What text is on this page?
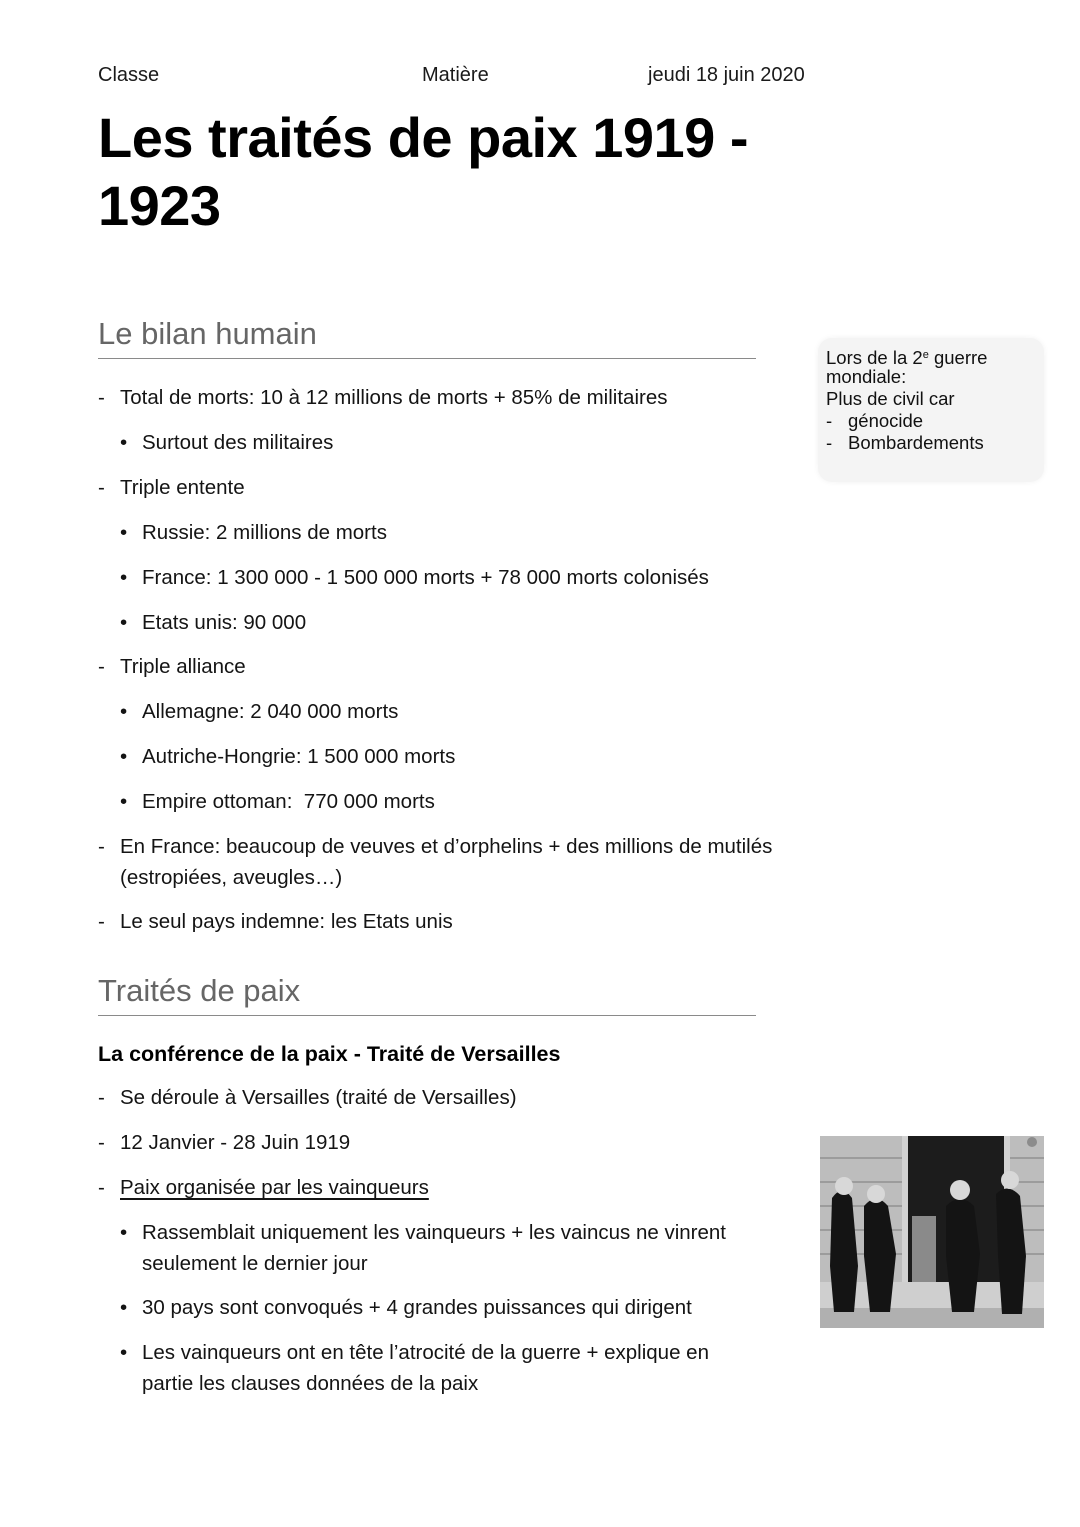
Classe	Matière	jeudi 18 juin 2020
Les traités de paix 1919 -
1923
Le bilan humain
- Total de morts: 10 à 12 millions de morts + 85% de militaires
• Surtout des militaires
- Triple entente
• Russie: 2 millions de morts
• France: 1 300 000 - 1 500 000 morts + 78 000 morts colonisés
• Etats unis: 90 000
- Triple alliance
• Allemagne: 2 040 000 morts
• Autriche-Hongrie: 1 500 000 morts
• Empire ottoman:  770 000 morts
- En France: beaucoup de veuves et d’orphelins + des millions de mutilés
(estropiées, aveugles…)
- Le seul pays indemne: les Etats unis
Traités de paix
La conférence de la paix - Traité de Versailles
- Se déroule à Versailles (traité de Versailles)
- 12 Janvier - 28 Juin 1919
- Paix organisée par les vainqueurs
• Rassemblait uniquement les vainqueurs + les vaincus ne vinrent
seulement le dernier jour
• 30 pays sont convoqués + 4 grandes puissances qui dirigent
• Les vainqueurs ont en tête l’atrocité de la guerre + explique en
partie les clauses données de la paix
Lors de la 2e guerre
mondiale:
Plus de civil car
- génocide
- Bombardements
